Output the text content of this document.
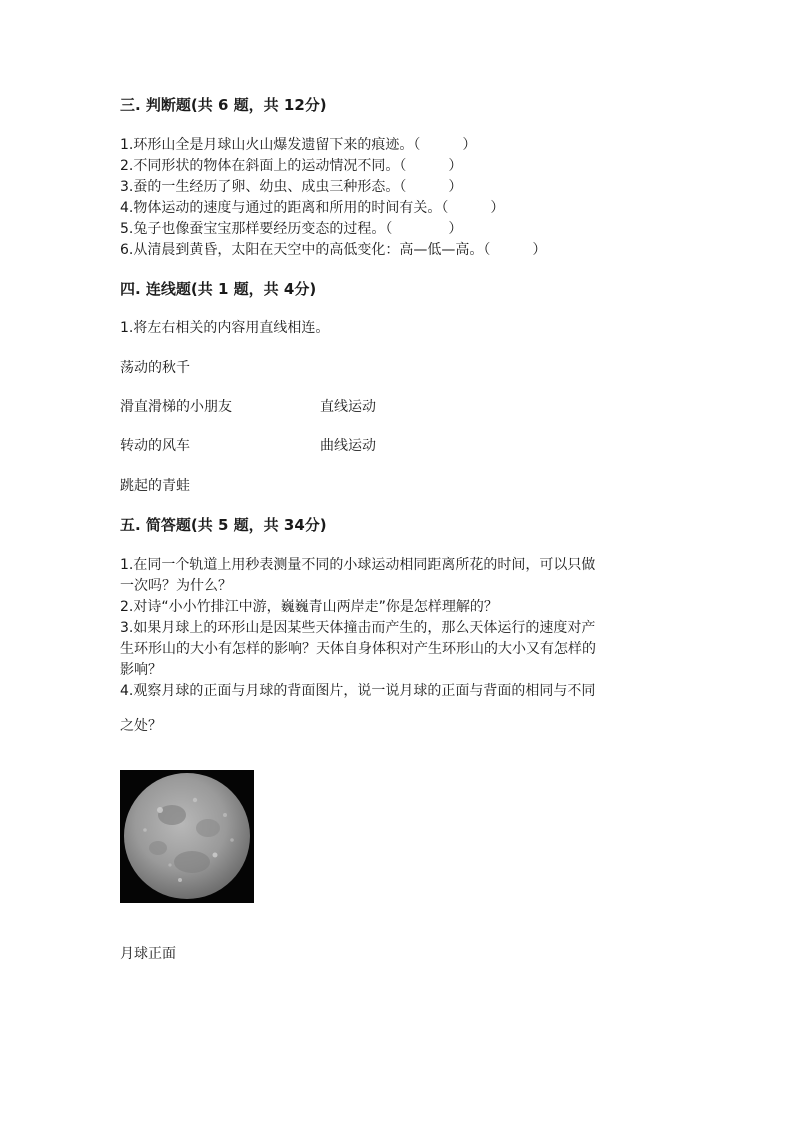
三. 判断题(共 6 题，共 12分)
1.环形山全是月球山火山爆发遗留下来的痕迹。（　　　）
2.不同形状的物体在斜面上的运动情况不同。（　　　）
3.蚕的一生经历了卵、幼虫、成虫三种形态。（　　　）
4.物体运动的速度与通过的距离和所用的时间有关。（　　　）
5.兔子也像蚕宝宝那样要经历变态的过程。（　　　　）
6.从清晨到黄昏，太阳在天空中的高低变化：高—低—高。（　　　）
四. 连线题(共 1 题，共 4分)
1.将左右相关的内容用直线相连。
荡动的秋千
滑直滑梯的小朋友	直线运动
转动的风车	曲线运动
跳起的青蛙
五. 简答题(共 5 题，共 34分)
1.在同一个轨道上用秒表测量不同的小球运动相同距离所花的时间，可以只做
一次吗？为什么？
2.对诗“小小竹排江中游，巍巍青山两岸走”你是怎样理解的？
3.如果月球上的环形山是因某些天体撞击而产生的，那么天体运行的速度对产
生环形山的大小有怎样的影响？天体自身体积对产生环形山的大小又有怎样的
影响？
4.观察月球的正面与月球的背面图片，说一说月球的正面与背面的相同与不同
之处？
月球正面
